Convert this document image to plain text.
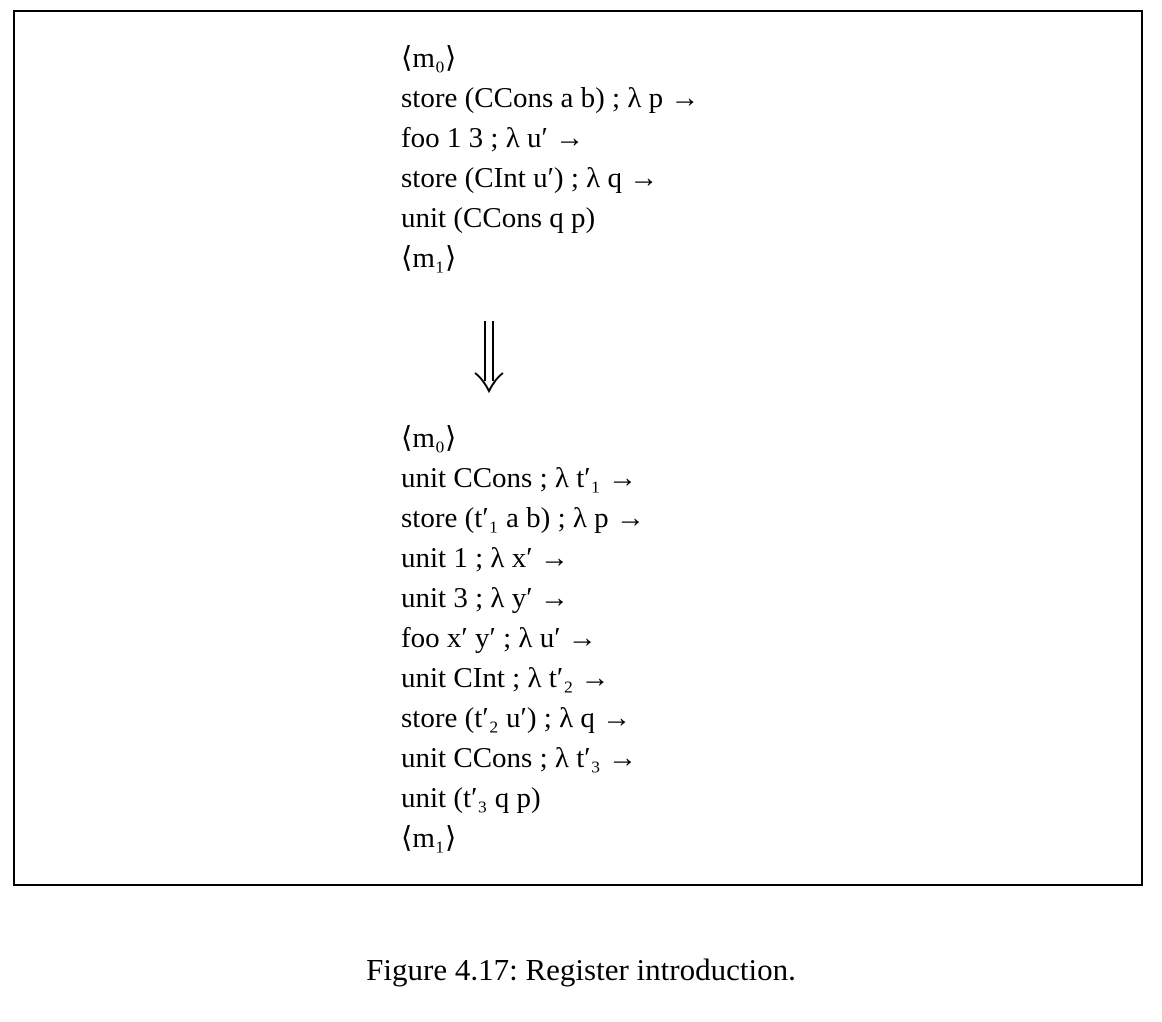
⟨m₀⟩
store (CCons a b) ; λ p →
foo 1 3 ; λ u′ →
store (CInt u′) ; λ q →
unit (CCons q p)
⟨m₁⟩
⟨m₀⟩
unit CCons ; λ t′₁ →
store (t′₁ a b) ; λ p →
unit 1 ; λ x′ →
unit 3 ; λ y′ →
foo x′ y′ ; λ u′ →
unit CInt ; λ t′₂ →
store (t′₂ u′) ; λ q →
unit CCons ; λ t′₃ →
unit (t′₃ q p)
⟨m₁⟩
Figure 4.17: Register introduction.
